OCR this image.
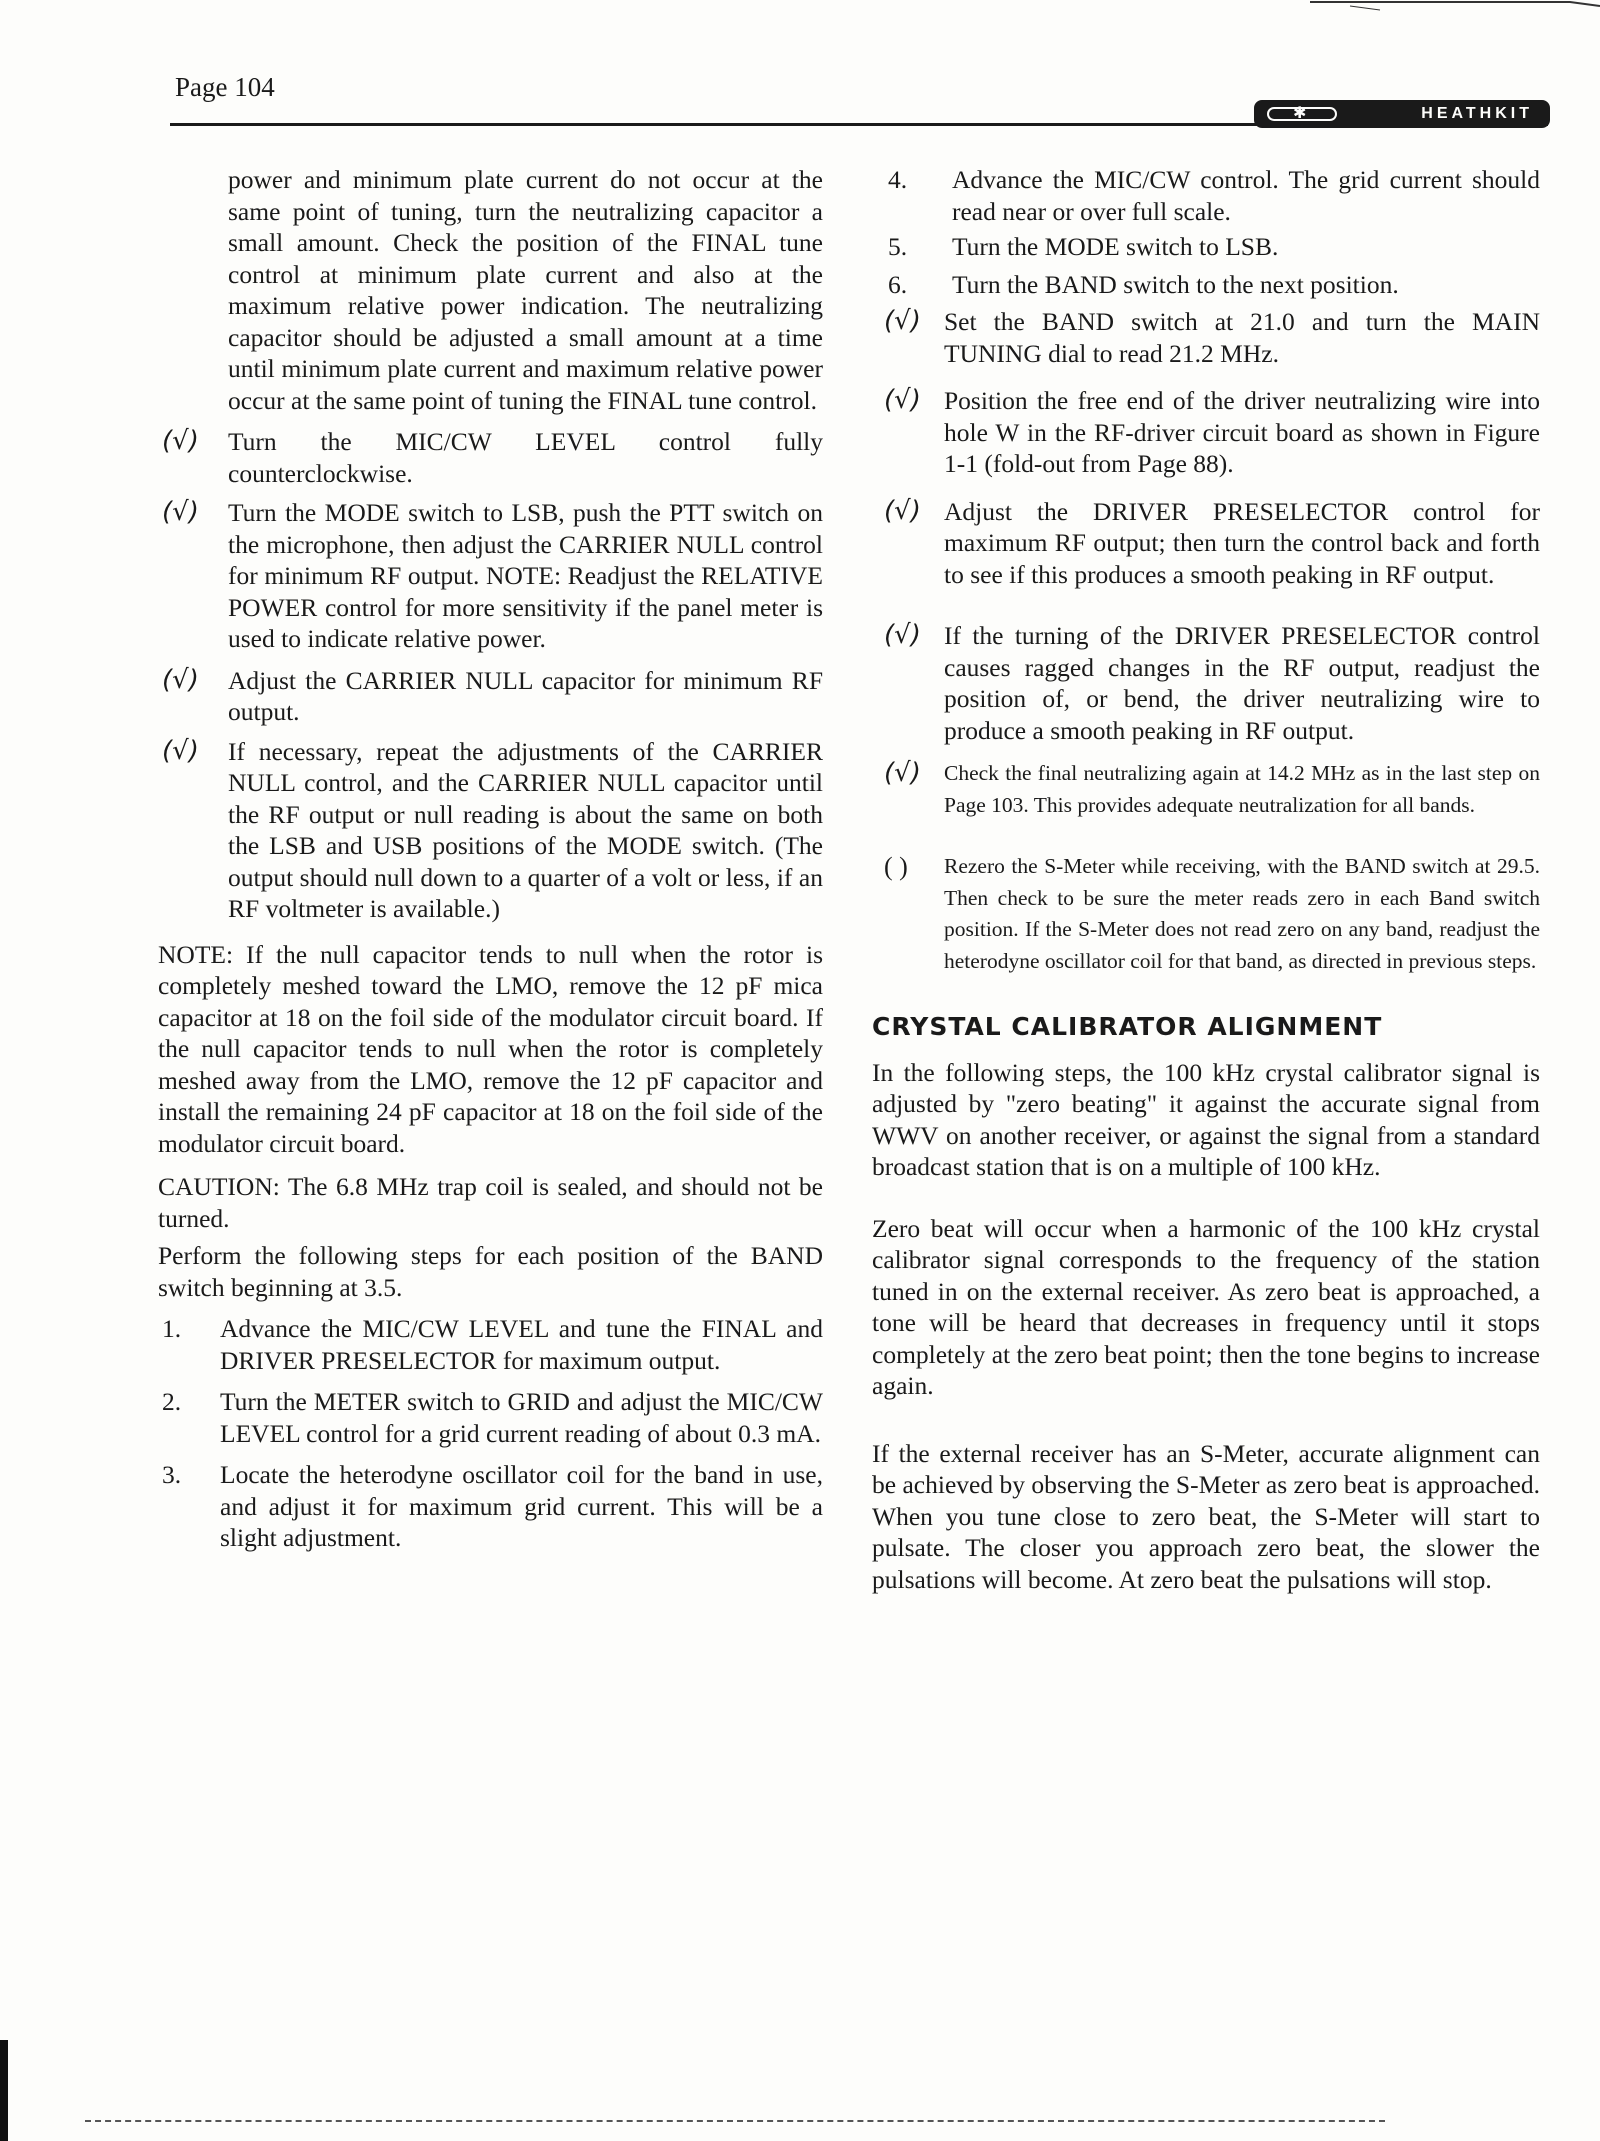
Page 104
✱
HEATHKIT

power and minimum plate current do not occur at the same point of tuning, turn the neutralizing capacitor a small amount. Check the position of the FINAL tune control at minimum plate current and also at the maximum relative power indication. The neutralizing capacitor should be adjusted a small amount at a time until minimum plate current and maximum relative power occur at the same point of tuning the FINAL tune control.

(√)	Turn the MIC/CW LEVEL control fully counterclockwise.

(√)	Turn the MODE switch to LSB, push the PTT switch on the microphone, then adjust the CARRIER NULL control for minimum RF output. NOTE: Readjust the RELATIVE POWER control for more sensitivity if the panel meter is used to indicate relative power.

(√)	Adjust the CARRIER NULL capacitor for minimum RF output.

(√)	If necessary, repeat the adjustments of the CARRIER NULL control, and the CARRIER NULL capacitor until the RF output or null reading is about the same on both the LSB and USB positions of the MODE switch. (The output should null down to a quarter of a volt or less, if an RF voltmeter is available.)

NOTE: If the null capacitor tends to null when the rotor is completely meshed toward the LMO, remove the 12 pF mica capacitor at 18 on the foil side of the modulator circuit board. If the null capacitor tends to null when the rotor is completely meshed away from the LMO, remove the 12 pF capacitor and install the remaining 24 pF capacitor at 18 on the foil side of the modulator circuit board.

CAUTION: The 6.8 MHz trap coil is sealed, and should not be turned.

Perform the following steps for each position of the BAND switch beginning at 3.5.

1. Advance the MIC/CW LEVEL and tune the FINAL and DRIVER PRESELECTOR for maximum output.

2. Turn the METER switch to GRID and adjust the MIC/CW LEVEL control for a grid current reading of about 0.3 mA.

3. Locate the heterodyne oscillator coil for the band in use, and adjust it for maximum grid current. This will be a slight adjustment.

4. Advance the MIC/CW control. The grid current should read near or over full scale.

5. Turn the MODE switch to LSB.

6. Turn the BAND switch to the next position.

(√) Set the BAND switch at 21.0 and turn the MAIN TUNING dial to read 21.2 MHz.

(√) Position the free end of the driver neutralizing wire into hole W in the RF-driver circuit board as shown in Figure 1-1 (fold-out from Page 88).

(√) Adjust the DRIVER PRESELECTOR control for maximum RF output; then turn the control back and forth to see if this produces a smooth peaking in RF output.

(√) If the turning of the DRIVER PRESELECTOR control causes ragged changes in the RF output, readjust the position of, or bend, the driver neutralizing wire to produce a smooth peaking in RF output.

(√)	Check the final neutralizing again at 14.2 MHz as in the last step on Page 103. This provides adequate neutralization for all bands.

( )	Rezero the S-Meter while receiving, with the BAND switch at 29.5. Then check to be sure the meter reads zero in each Band switch position. If the S-Meter does not read zero on any band, readjust the heterodyne oscillator coil for that band, as directed in previous steps.

CRYSTAL CALIBRATOR ALIGNMENT

In the following steps, the 100 kHz crystal calibrator signal is adjusted by "zero beating" it against the accurate signal from WWV on another receiver, or against the signal from a standard broadcast station that is on a multiple of 100 kHz.

Zero beat will occur when a harmonic of the 100 kHz crystal calibrator signal corresponds to the frequency of the station tuned in on the external receiver. As zero beat is approached, a tone will be heard that decreases in frequency until it stops completely at the zero beat point; then the tone begins to increase again.

If the external receiver has an S-Meter, accurate alignment can be achieved by observing the S-Meter as zero beat is approached. When you tune close to zero beat, the S-Meter will start to pulsate. The closer you approach zero beat, the slower the pulsations will become. At zero beat the pulsations will stop.
